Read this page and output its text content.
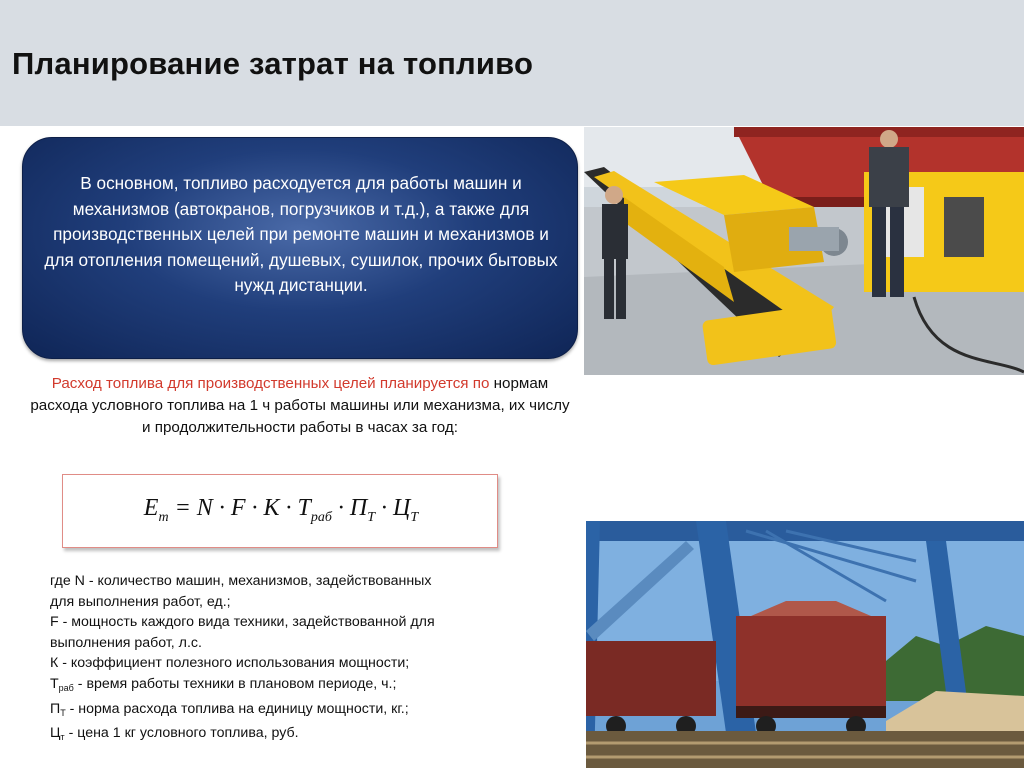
Планирование затрат на топливо

В основном, топливо расходуется для работы машин и механизмов (автокранов, погрузчиков и т.д.), а также для производственных целей при ремонте машин и механизмов и для отопления помещений, душевых, сушилок, прочих бытовых нужд дистанции.

Расход топлива для производственных целей планируется по нормам расхода условного топлива на 1 ч работы машины или механизма, их числу и продолжительности работы в часах за год:
$E_m = N \cdot F \cdot K \cdot T_{раб} \cdot П_T \cdot Ц_T$
где N - количество машин, механизмов, задействованных
для выполнения работ, ед.;
F - мощность каждого вида техники, задействованной для
выполнения работ, л.с.
К - коэффициент полезного использования мощности;
$Т_{раб}$ - время работы техники в плановом периоде, ч.;
$П_Т$ - норма расхода топлива на единицу мощности, кг.;
$Ц_т$ - цена 1 кг условного топлива, руб.
